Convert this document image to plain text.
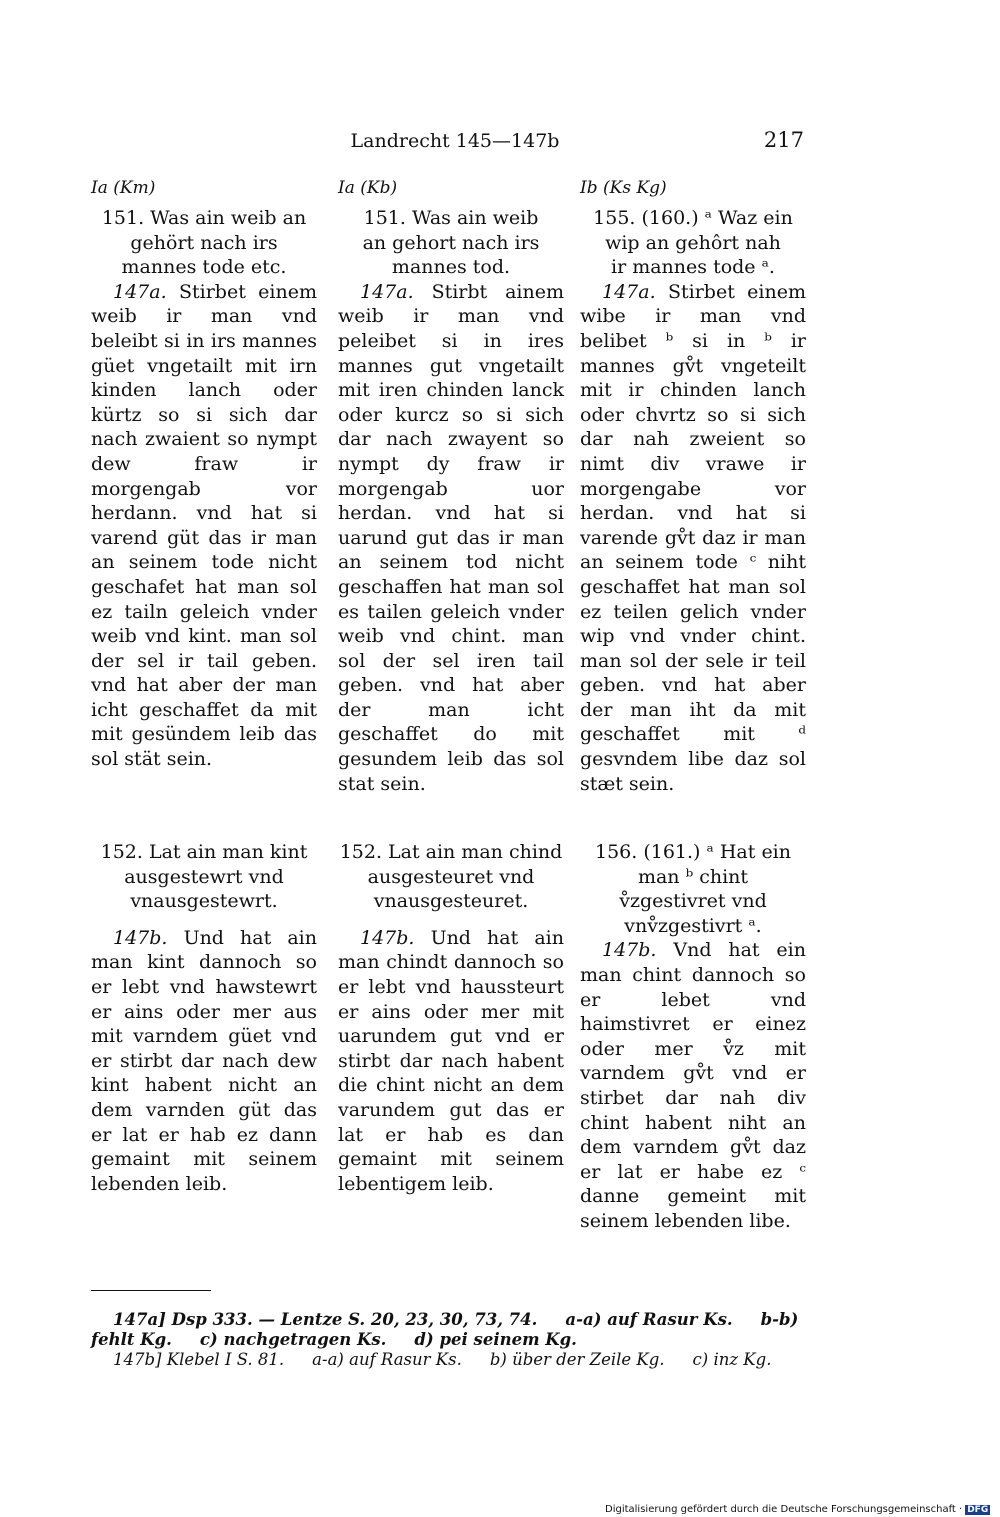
Landrecht 145—147b	217
Ia (Km)
151. Was ain weib an
gehört nach irs
mannes tode etc.
147a. Stirbet einem weib ir man vnd beleibt si in irs mannes güet vngetailt mit irn kinden lanch oder kürtz so si sich dar nach zwaient so nympt dew fraw ir morgengab vor herdann. vnd hat si varend güt das ir man an seinem tode nicht geschafet hat man sol ez tailn geleich vnder weib vnd kint. man sol der sel ir tail geben. vnd hat aber der man icht geschaffet da mit mit gesündem leib das sol stät sein.
152. Lat ain man kint
ausgestewrt vnd
vnausgestewrt.
147b. Und hat ain man kint dannoch so er lebt vnd hawstewrt er ains oder mer aus mit varndem güet vnd er stirbt dar nach dew kint habent nicht an dem varnden güt das er lat er hab ez dann gemaint mit seinem lebenden leib.
Ia (Kb)
151. Was ain weib
an gehort nach irs
mannes tod.
147a. Stirbt ainem weib ir man vnd peleibet si in ires mannes gut vngetailt mit iren chinden lanck oder kurcz so si sich dar nach zwayent so nympt dy fraw ir morgengab uor herdan. vnd hat si uarund gut das ir man an seinem tod nicht geschaffen hat man sol es tailen geleich vnder weib vnd chint. man sol der sel iren tail geben. vnd hat aber der man icht geschaffet do mit gesundem leib das sol stat sein.
152. Lat ain man chind
ausgesteuret vnd
vnausgesteuret.
147b. Und hat ain man chindt dannoch so er lebt vnd haussteurt er ains oder mer mit uarundem gut vnd er stirbt dar nach habent die chint nicht an dem varundem gut das er lat er hab es dan gemaint mit seinem lebentigem leib.
Ib (Ks Kg)
155. (160.) ᵃ Waz ein
wip an gehôrt nah
ir mannes tode ᵃ.
147a. Stirbet einem wibe ir man vnd belibet ᵇ si in ᵇ ir mannes gv̊t vngeteilt mit ir chinden lanch oder chvrtz so si sich dar nah zweient so nimt div vrawe ir morgengabe vor herdan. vnd hat si varende gv̊t daz ir man an seinem tode ᶜ niht geschaffet hat man sol ez teilen gelich vnder wip vnd vnder chint. man sol der sele ir teil geben. vnd hat aber der man iht da mit geschaffet mit ᵈ gesvndem libe daz sol stæt sein.
156. (161.) ᵃ Hat ein
man ᵇ chint
v̊zgestivret vnd
vnv̊zgestivrt ᵃ.
147b. Vnd hat ein man chint dannoch so er lebet vnd haimstivret er einez oder mer v̊z mit varndem gv̊t vnd er stirbet dar nah div chint habent niht an dem varndem gv̊t daz er lat er habe ez ᶜ danne gemeint mit seinem lebenden libe.
147a] Dsp 333. — Lentze S. 20, 23, 30, 73, 74. a-a) auf Rasur Ks. b-b)
fehlt Kg. c) nachgetragen Ks. d) pei seinem Kg.
147b] Klebel I S. 81. a-a) auf Rasur Ks. b) über der Zeile Kg. c) inz Kg.
Digitalisierung gefördert durch die Deutsche Forschungsgemeinschaft · DFG
